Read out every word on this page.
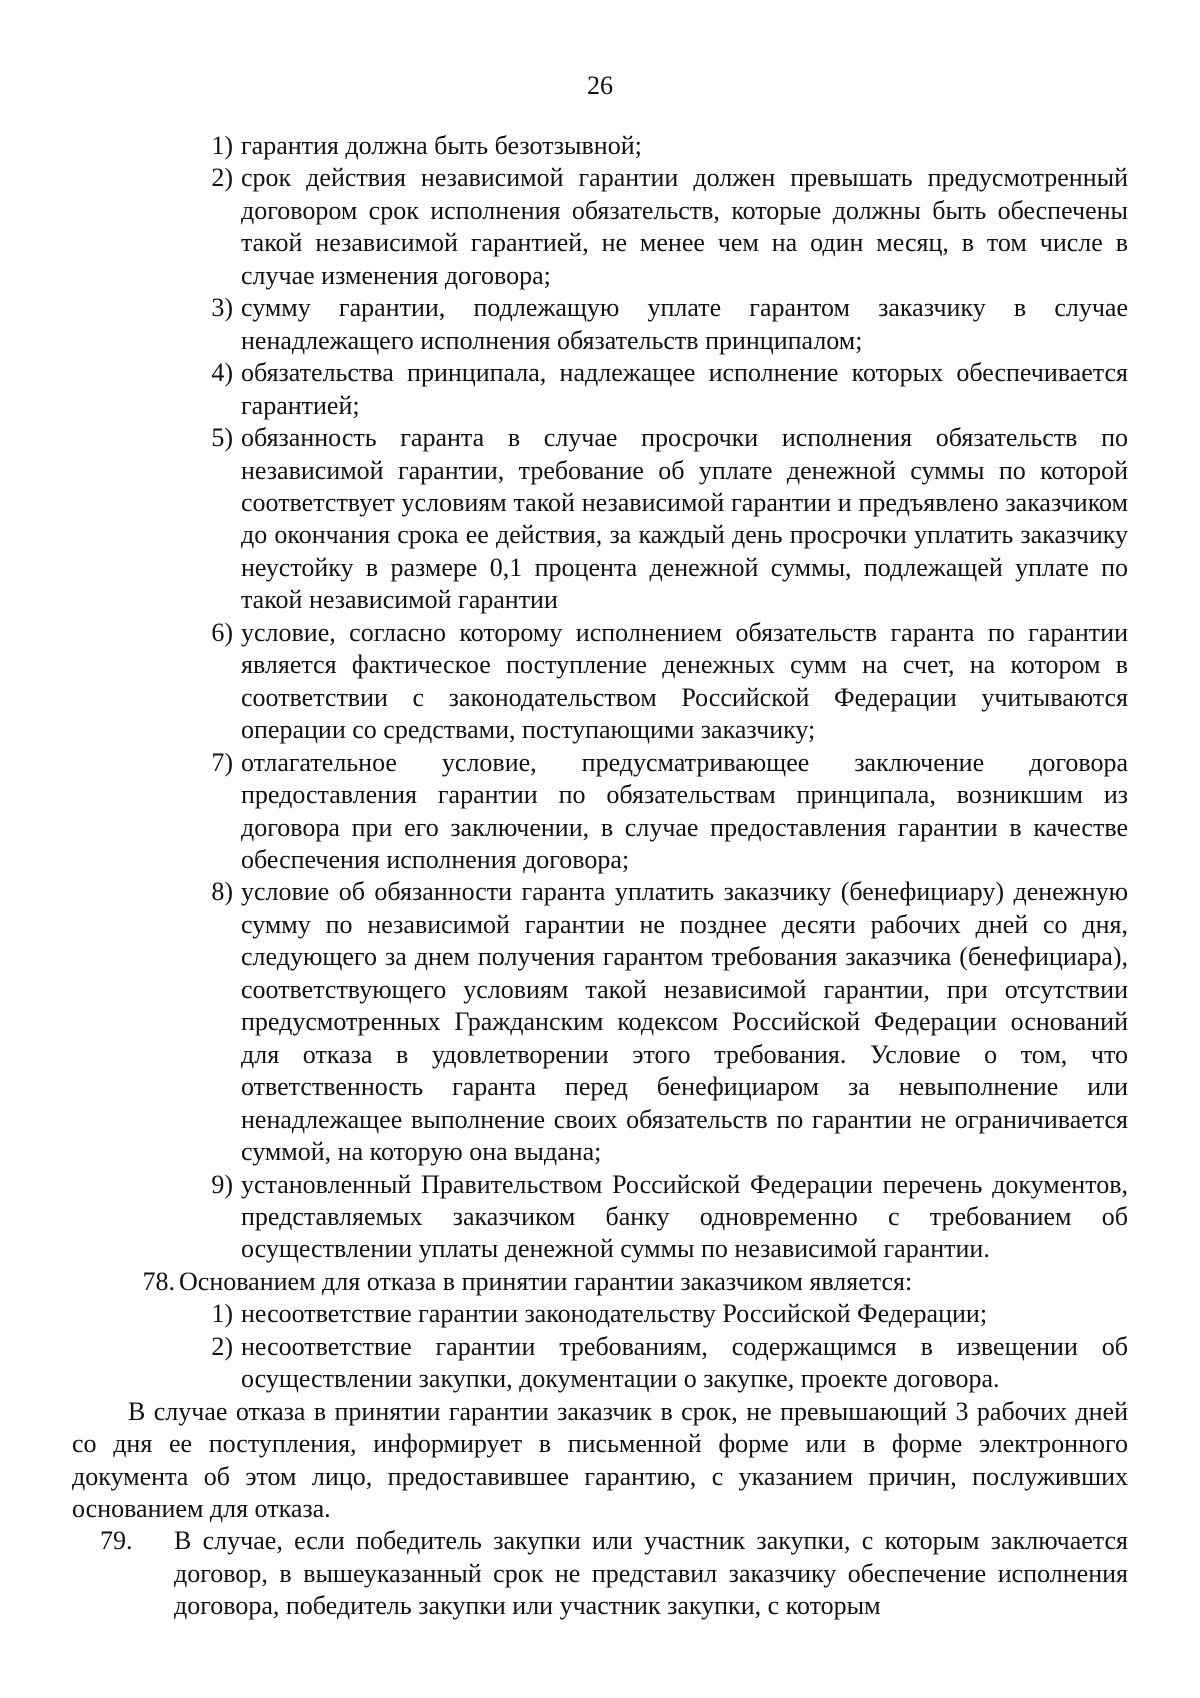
26
1) гарантия должна быть безотзывной;
2) срок действия независимой гарантии должен превышать предусмотренный договором срок исполнения обязательств, которые должны быть обеспечены такой независимой гарантией, не менее чем на один месяц, в том числе в случае изменения договора;
3) сумму гарантии, подлежащую уплате гарантом заказчику в случае ненадлежащего исполнения обязательств принципалом;
4) обязательства принципала, надлежащее исполнение которых обеспечивается гарантией;
5) обязанность гаранта в случае просрочки исполнения обязательств по независимой гарантии, требование об уплате денежной суммы по которой соответствует условиям такой независимой гарантии и предъявлено заказчиком до окончания срока ее действия, за каждый день просрочки уплатить заказчику неустойку в размере 0,1 процента денежной суммы, подлежащей уплате по такой независимой гарантии
6) условие, согласно которому исполнением обязательств гаранта по гарантии является фактическое поступление денежных сумм на счет, на котором в соответствии с законодательством Российской Федерации учитываются операции со средствами, поступающими заказчику;
7) отлагательное условие, предусматривающее заключение договора предоставления гарантии по обязательствам принципала, возникшим из договора при его заключении, в случае предоставления гарантии в качестве обеспечения исполнения договора;
8) условие об обязанности гаранта уплатить заказчику (бенефициару) денежную сумму по независимой гарантии не позднее десяти рабочих дней со дня, следующего за днем получения гарантом требования заказчика (бенефициара), соответствующего условиям такой независимой гарантии, при отсутствии предусмотренных Гражданским кодексом Российской Федерации оснований для отказа в удовлетворении этого требования. Условие о том, что ответственность гаранта перед бенефициаром за невыполнение или ненадлежащее выполнение своих обязательств по гарантии не ограничивается суммой, на которую она выдана;
9) установленный Правительством Российской Федерации перечень документов, представляемых заказчиком банку одновременно с требованием об осуществлении уплаты денежной суммы по независимой гарантии.
78. Основанием для отказа в принятии гарантии заказчиком является:
1) несоответствие гарантии законодательству Российской Федерации;
2) несоответствие гарантии требованиям, содержащимся в извещении об осуществлении закупки, документации о закупке, проекте договора.
В случае отказа в принятии гарантии заказчик в срок, не превышающий 3 рабочих дней со дня ее поступления, информирует в письменной форме или в форме электронного документа об этом лицо, предоставившее гарантию, с указанием причин, послуживших основанием для отказа.
79.	В случае, если победитель закупки или участник закупки, с которым заключается договор, в вышеуказанный срок не представил заказчику обеспечение исполнения договора, победитель закупки или участник закупки, с которым
